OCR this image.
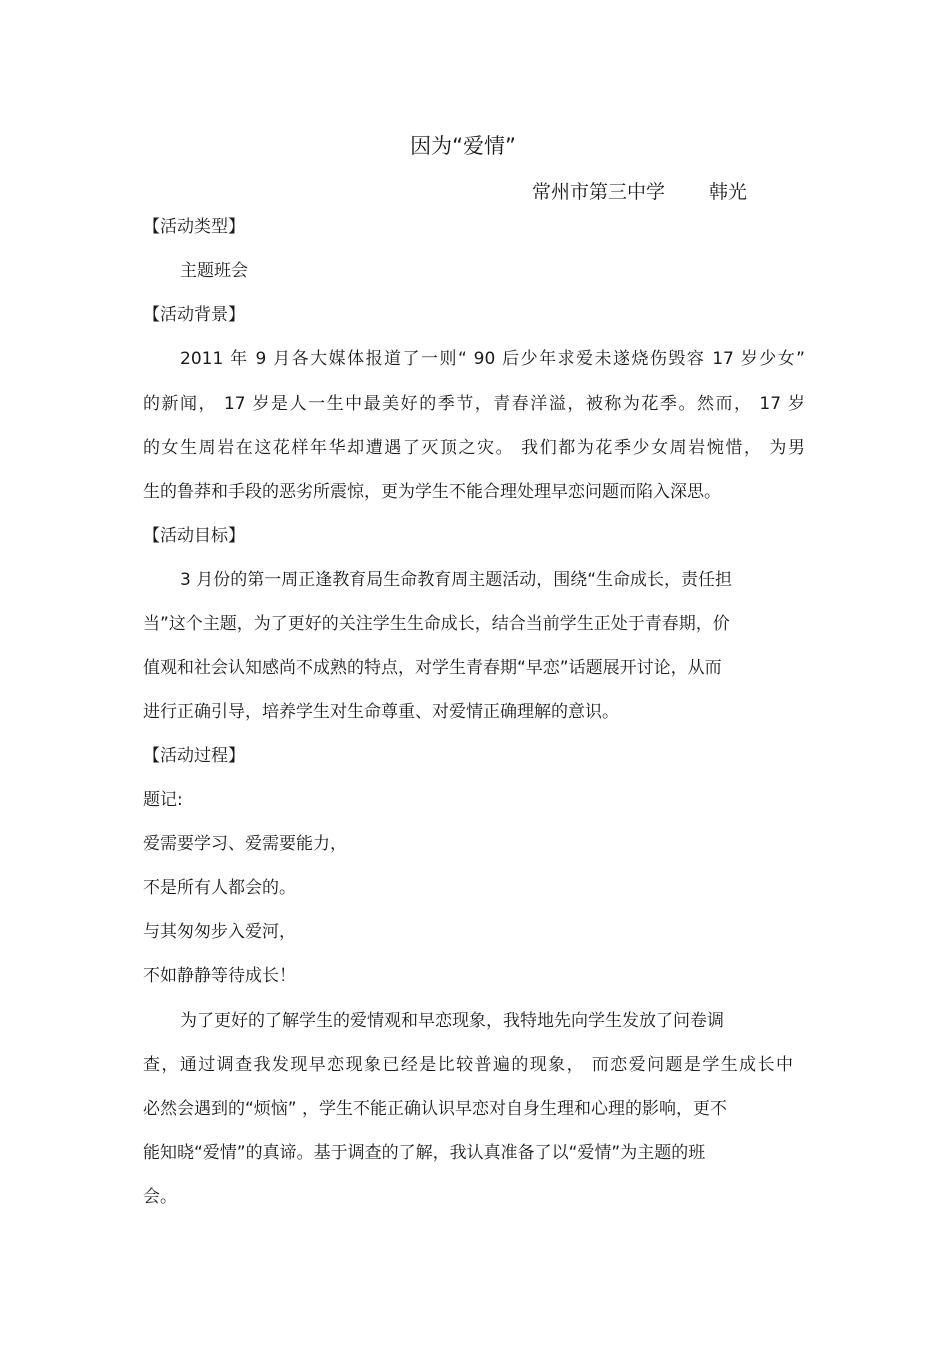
因为“爱情”
常州市第三中学 韩光
【活动类型】
主题班会
【活动背景】
2011 年 9 月各大媒体报道了一则“ 90 后少年求爱未遂烧伤毁容 17 岁少女”
的新闻， 17 岁是人一生中最美好的季节，青春洋溢，被称为花季。然而， 17 岁
的女生周岩在这花样年华却遭遇了灭顶之灾。 我们都为花季少女周岩惋惜， 为男
生的鲁莽和手段的恶劣所震惊，更为学生不能合理处理早恋问题而陷入深思。
【活动目标】
3 月份的第一周正逢教育局生命教育周主题活动，围绕“生命成长，责任担
当”这个主题，为了更好的关注学生生命成长，结合当前学生正处于青春期，价
值观和社会认知感尚不成熟的特点，对学生青春期“早恋”话题展开讨论，从而
进行正确引导，培养学生对生命尊重、对爱情正确理解的意识。
【活动过程】
题记:
爱需要学习、爱需要能力，
不是所有人都会的。
与其匆匆步入爱河，
不如静静等待成长！
为了更好的了解学生的爱情观和早恋现象，我特地先向学生发放了问卷调
查，通过调查我发现早恋现象已经是比较普遍的现象， 而恋爱问题是学生成长中
必然会遇到的“烦恼” ，学生不能正确认识早恋对自身生理和心理的影响，更不
能知晓“爱情”的真谛。基于调查的了解，我认真准备了以“爱情”为主题的班
会。
